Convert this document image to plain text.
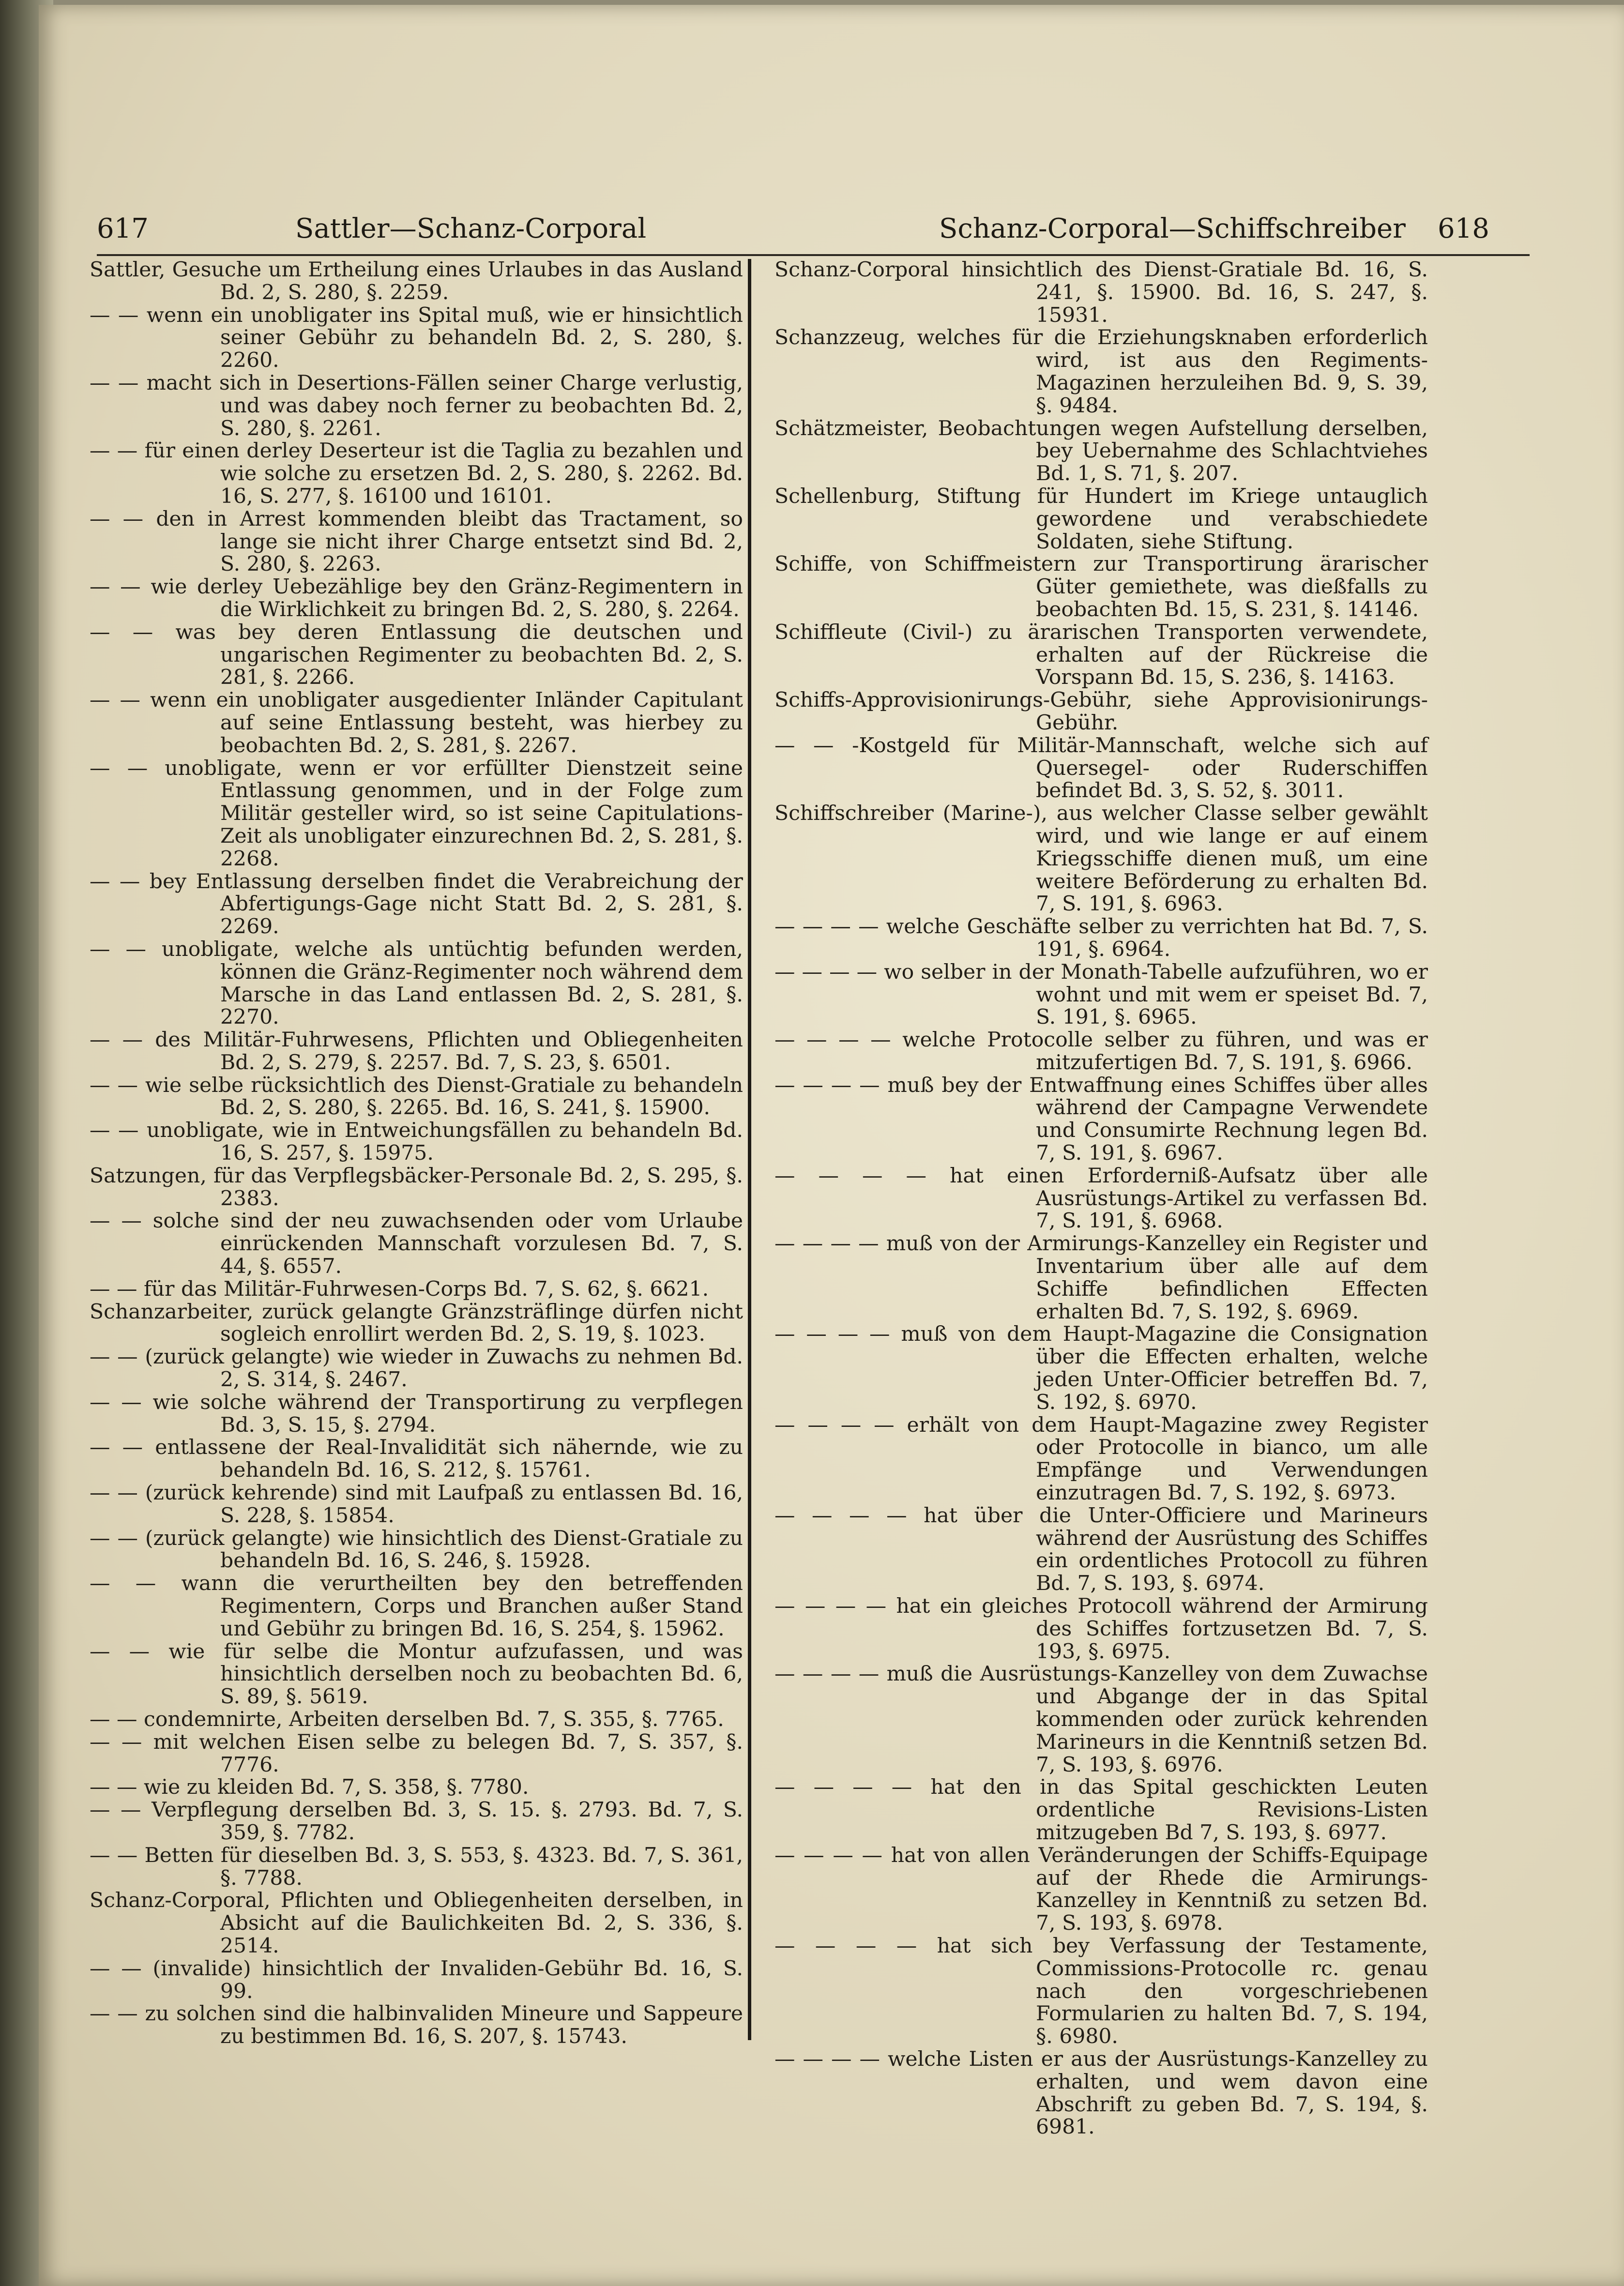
617	Sattler—Schanz-Corporal	Schanz-Corporal—Schiffschreiber 618

Sattler, Gesuche um Ertheilung eines Urlaubes in das Ausland Bd. 2, S. 280, §. 2259.

— — wenn ein unobligater ins Spital muß, wie er hinsichtlich seiner Gebühr zu behandeln Bd. 2, S. 280, §. 2260.

— — macht sich in Desertions-Fällen seiner Charge verlustig, und was dabey noch ferner zu beobachten Bd. 2, S. 280, §. 2261.

— — für einen derley Deserteur ist die Taglia zu bezahlen und wie solche zu ersetzen Bd. 2, S. 280, §. 2262. Bd. 16, S. 277, §. 16100 und 16101.

— — den in Arrest kommenden bleibt das Tractament, so lange sie nicht ihrer Charge entsetzt sind Bd. 2, S. 280, §. 2263.

— — wie derley Uebezählige bey den Gränz-Regimentern in die Wirklichkeit zu bringen Bd. 2, S. 280, §. 2264.

— — was bey deren Entlassung die deutschen und ungarischen Regimenter zu beobachten Bd. 2, S. 281, §. 2266.

— — wenn ein unobligater ausgedienter Inländer Capitulant auf seine Entlassung besteht, was hierbey zu beobachten Bd. 2, S. 281, §. 2267.

— — unobligate, wenn er vor erfüllter Dienstzeit seine Entlassung genommen, und in der Folge zum Militär gesteller wird, so ist seine Capitulations-Zeit als unobligater einzurechnen Bd. 2, S. 281, §. 2268.

— — bey Entlassung derselben findet die Verabreichung der Abfertigungs-Gage nicht Statt Bd. 2, S. 281, §. 2269.

— — unobligate, welche als untüchtig befunden werden, können die Gränz-Regimenter noch während dem Marsche in das Land entlassen Bd. 2, S. 281, §. 2270.

— — des Militär-Fuhrwesens, Pflichten und Obliegenheiten Bd. 2, S. 279, §. 2257. Bd. 7, S. 23, §. 6501.

— — wie selbe rücksichtlich des Dienst-Gratiale zu behandeln Bd. 2, S. 280, §. 2265. Bd. 16, S. 241, §. 15900.

— — unobligate, wie in Entweichungsfällen zu behandeln Bd. 16, S. 257, §. 15975.

Satzungen, für das Verpflegsbäcker-Personale Bd. 2, S. 295, §. 2383.

— — solche sind der neu zuwachsenden oder vom Urlaube einrückenden Mannschaft vorzulesen Bd. 7, S. 44, §. 6557.

— — für das Militär-Fuhrwesen-Corps Bd. 7, S. 62, §. 6621.

Schanzarbeiter, zurück gelangte Gränzsträflinge dürfen nicht sogleich enrollirt werden Bd. 2, S. 19, §. 1023.

— — (zurück gelangte) wie wieder in Zuwachs zu nehmen Bd. 2, S. 314, §. 2467.

— — wie solche während der Transportirung zu verpflegen Bd. 3, S. 15, §. 2794.

— — entlassene der Real-Invalidität sich nähernde, wie zu behandeln Bd. 16, S. 212, §. 15761.

— — (zurück kehrende) sind mit Laufpaß zu entlassen Bd. 16, S. 228, §. 15854.

— — (zurück gelangte) wie hinsichtlich des Dienst-Gratiale zu behandeln Bd. 16, S. 246, §. 15928.

— — wann die verurtheilten bey den betreffenden Regimentern, Corps und Branchen außer Stand und Gebühr zu bringen Bd. 16, S. 254, §. 15962.

— — wie für selbe die Montur aufzufassen, und was hinsichtlich derselben noch zu beobachten Bd. 6, S. 89, §. 5619.

— — condemnirte, Arbeiten derselben Bd. 7, S. 355, §. 7765.

— — mit welchen Eisen selbe zu belegen Bd. 7, S. 357, §. 7776.

— — wie zu kleiden Bd. 7, S. 358, §. 7780.

— — Verpflegung derselben Bd. 3, S. 15. §. 2793. Bd. 7, S. 359, §. 7782.

— — Betten für dieselben Bd. 3, S. 553, §. 4323. Bd. 7, S. 361, §. 7788.

Schanz-Corporal, Pflichten und Obliegenheiten derselben, in Absicht auf die Baulichkeiten Bd. 2, S. 336, §. 2514.

— — (invalide) hinsichtlich der Invaliden-Gebühr Bd. 16, S. 99.

— — zu solchen sind die halbinvaliden Mineure und Sappeure zu bestimmen Bd. 16, S. 207, §. 15743.

Schanz-Corporal hinsichtlich des Dienst-Gratiale Bd. 16, S. 241, §. 15900. Bd. 16, S. 247, §. 15931.

Schanzzeug, welches für die Erziehungsknaben erforderlich wird, ist aus den Regiments-Magazinen herzuleihen Bd. 9, S. 39, §. 9484.

Schätzmeister, Beobachtungen wegen Aufstellung derselben, bey Uebernahme des Schlachtviehes Bd. 1, S. 71, §. 207.

Schellenburg, Stiftung für Hundert im Kriege untauglich gewordene und verabschiedete Soldaten, siehe Stiftung.

Schiffe, von Schiffmeistern zur Transportirung ärarischer Güter gemiethete, was dießfalls zu beobachten Bd. 15, S. 231, §. 14146.

Schiffleute (Civil-) zu ärarischen Transporten verwendete, erhalten auf der Rückreise die Vorspann Bd. 15, S. 236, §. 14163.

Schiffs-Approvisionirungs-Gebühr, siehe Approvisionirungs-Gebühr.

— — -Kostgeld für Militär-Mannschaft, welche sich auf Quersegel- oder Ruderschiffen befindet Bd. 3, S. 52, §. 3011.

Schiffschreiber (Marine-), aus welcher Classe selber gewählt wird, und wie lange er auf einem Kriegsschiffe dienen muß, um eine weitere Beförderung zu erhalten Bd. 7, S. 191, §. 6963.

— — — — welche Geschäfte selber zu verrichten hat Bd. 7, S. 191, §. 6964.

— — — — wo selber in der Monath-Tabelle aufzuführen, wo er wohnt und mit wem er speiset Bd. 7, S. 191, §. 6965.

— — — — welche Protocolle selber zu führen, und was er mitzufertigen Bd. 7, S. 191, §. 6966.

— — — — muß bey der Entwaffnung eines Schiffes über alles während der Campagne Verwendete und Consumirte Rechnung legen Bd. 7, S. 191, §. 6967.

— — — — hat einen Erforderniß-Aufsatz über alle Ausrüstungs-Artikel zu verfassen Bd. 7, S. 191, §. 6968.

— — — — muß von der Armirungs-Kanzelley ein Register und Inventarium über alle auf dem Schiffe befindlichen Effecten erhalten Bd. 7, S. 192, §. 6969.

— — — — muß von dem Haupt-Magazine die Consignation über die Effecten erhalten, welche jeden Unter-Officier betreffen Bd. 7, S. 192, §. 6970.

— — — — erhält von dem Haupt-Magazine zwey Register oder Protocolle in bianco, um alle Empfänge und Verwendungen einzutragen Bd. 7, S. 192, §. 6973.

— — — — hat über die Unter-Officiere und Marineurs während der Ausrüstung des Schiffes ein ordentliches Protocoll zu führen Bd. 7, S. 193, §. 6974.

— — — — hat ein gleiches Protocoll während der Armirung des Schiffes fortzusetzen Bd. 7, S. 193, §. 6975.

— — — — muß die Ausrüstungs-Kanzelley von dem Zuwachse und Abgange der in das Spital kommenden oder zurück kehrenden Marineurs in die Kenntniß setzen Bd. 7, S. 193, §. 6976.

— — — — hat den in das Spital geschickten Leuten ordentliche Revisions-Listen mitzugeben Bd 7, S. 193, §. 6977.

— — — — hat von allen Veränderungen der Schiffs-Equipage auf der Rhede die Armirungs-Kanzelley in Kenntniß zu setzen Bd. 7, S. 193, §. 6978.

— — — — hat sich bey Verfassung der Testamente, Commissions-Protocolle rc. genau nach den vorgeschriebenen Formularien zu halten Bd. 7, S. 194, §. 6980.

— — — — welche Listen er aus der Ausrüstungs-Kanzelley zu erhalten, und wem davon eine Abschrift zu geben Bd. 7, S. 194, §. 6981.
